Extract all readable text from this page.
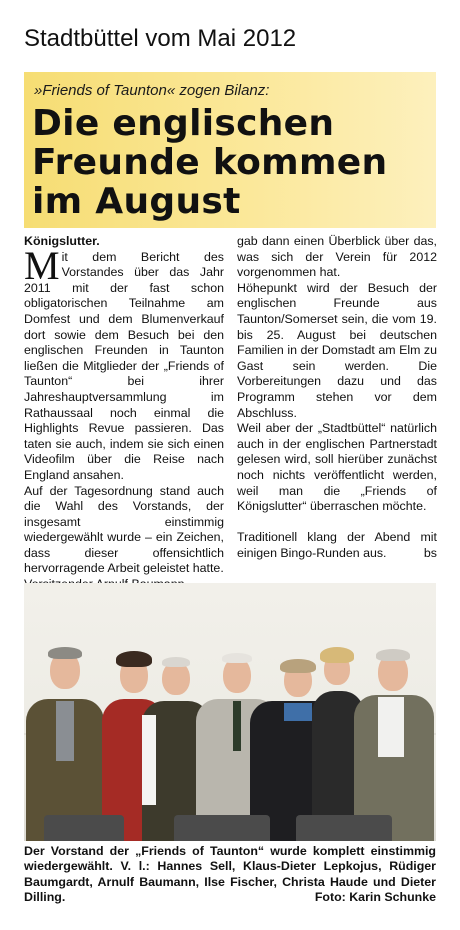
Stadtbüttel vom Mai 2012
»Friends of Taunton« zogen Bilanz:
Die englischen
Freunde kommen
im August

Königslutter.

Mit dem Bericht des Vorstandes über das Jahr 2011 mit der fast schon obligatorischen Teilnahme am Domfest und dem Blumenverkauf dort sowie dem Besuch bei den englischen Freunden in Taunton ließen die Mitglieder der „Friends of Taunton“ bei ihrer Jahreshauptversammlung im Rathaussaal noch einmal die Highlights Revue passieren. Das taten sie auch, indem sie sich einen Videofilm über die Reise nach England ansahen.

Auf der Tagesordnung stand auch die Wahl des Vorstands, der insgesamt einstimmig wiedergewählt wurde – ein Zeichen, dass dieser offensichtlich hervorragende Arbeit geleistet hatte.

gab dann einen Überblick über das, was sich der Verein für 2012 vorgenommen hat.

Höhepunkt wird der Besuch der englischen Freunde aus Taunton/Somerset sein, die vom 19. bis 25. August bei deutschen Familien in der Domstadt am Elm zu Gast sein werden. Die Vorbereitungen dazu und das Programm stehen vor dem Abschluss.

Weil aber der „Stadtbüttel“ natürlich auch in der englischen Partnerstadt gelesen wird, soll hierüber zunächst noch nichts veröffentlicht werden, weil man die „Friends of Königslutter“ überraschen möchte.

Traditionell klang der Abend mit einigen Bingo-Runden aus.	bs

Der Vorstand der „Friends of Taunton“ wurde komplett einstimmig wiedergewählt. V. l.: Hannes Sell, Klaus-Dieter Lepkojus, Rüdiger Baumgardt, Arnulf Baumann, Ilse Fischer, Christa Haude und Dieter Dilling.	Foto: Karin Schunke
